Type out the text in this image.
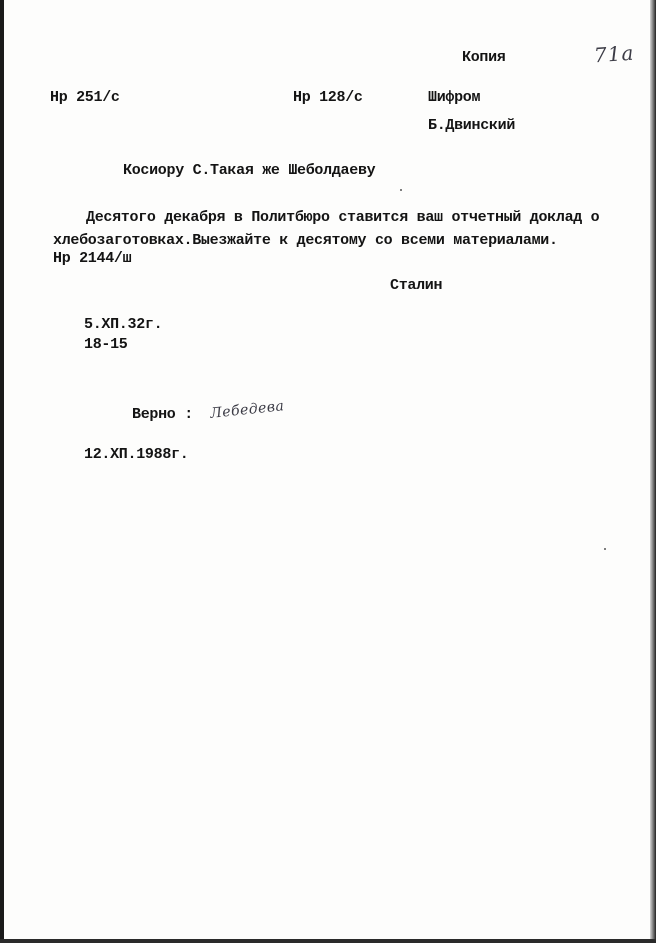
Копия	71а
Нр 251/с	Нр 128/с	Шифром
Б.Двинский
Косиору С.Такая же Шеболдаеву
Десятого декабря в Политбюро ставится ваш отчетный доклад о
хлебозаготовках.Выезжайте к десятому со всеми материалами.
Нр 2144/ш
Сталин
5.ХП.32г.
18-15
Верно : Лебедева
12.ХП.1988г.
